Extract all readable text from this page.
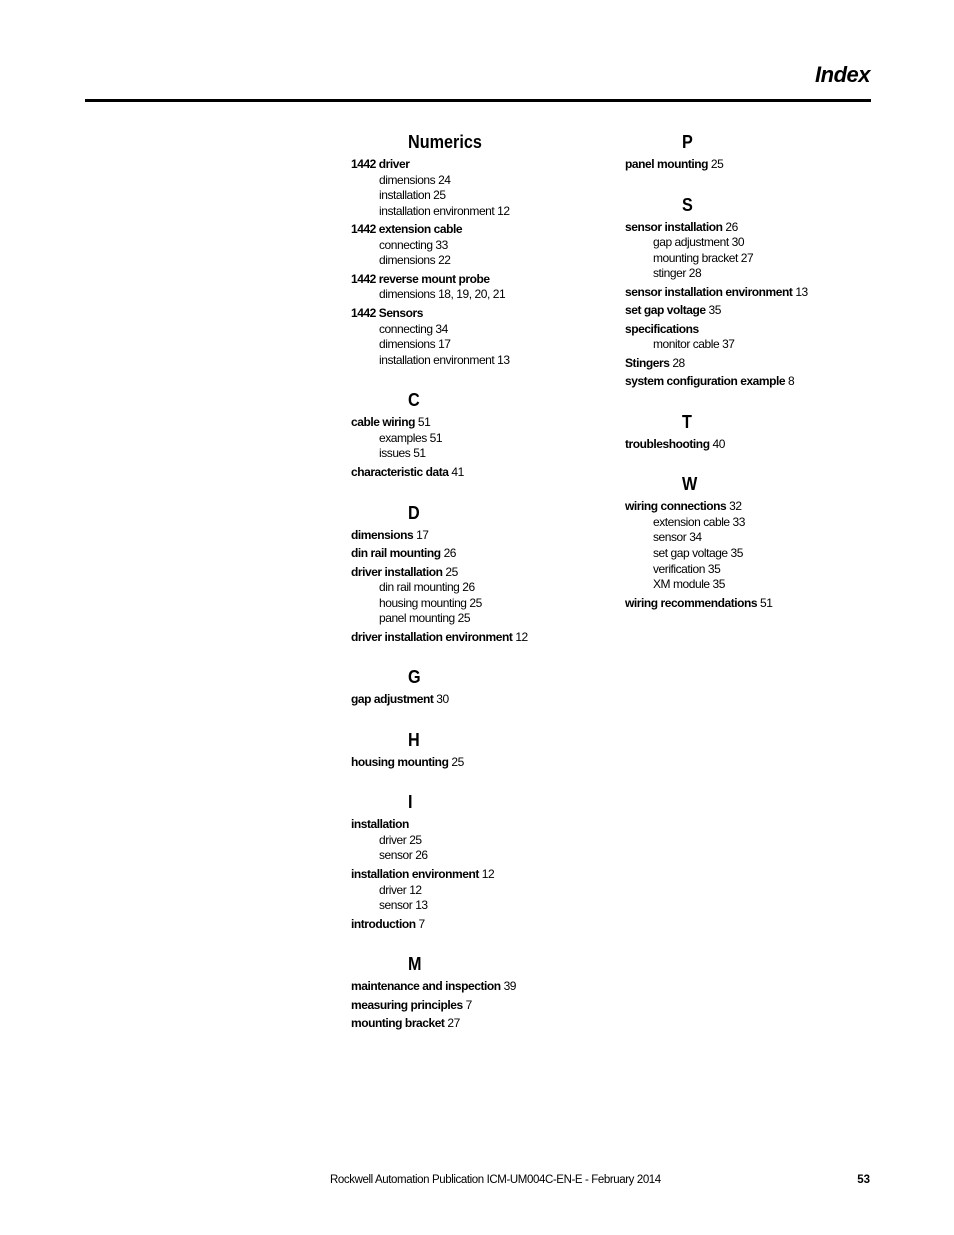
Index
Numerics
1442 driver
dimensions 24
installation 25
installation environment 12
1442 extension cable
connecting 33
dimensions 22
1442 reverse mount probe
dimensions 18, 19, 20, 21
1442 Sensors
connecting 34
dimensions 17
installation environment 13
C
cable wiring 51
examples 51
issues 51
characteristic data 41
D
dimensions 17
din rail mounting 26
driver installation 25
din rail mounting 26
housing mounting 25
panel mounting 25
driver installation environment 12
G
gap adjustment 30
H
housing mounting 25
I
installation
driver 25
sensor 26
installation environment 12
driver 12
sensor 13
introduction 7
M
maintenance and inspection 39
measuring principles 7
mounting bracket 27
P
panel mounting 25
S
sensor installation 26
gap adjustment 30
mounting bracket 27
stinger 28
sensor installation environment 13
set gap voltage 35
specifications
monitor cable 37
Stingers 28
system configuration example 8
T
troubleshooting 40
W
wiring connections 32
extension cable 33
sensor 34
set gap voltage 35
verification 35
XM module 35
wiring recommendations 51
Rockwell Automation Publication ICM-UM004C-EN-E - February 2014	53
